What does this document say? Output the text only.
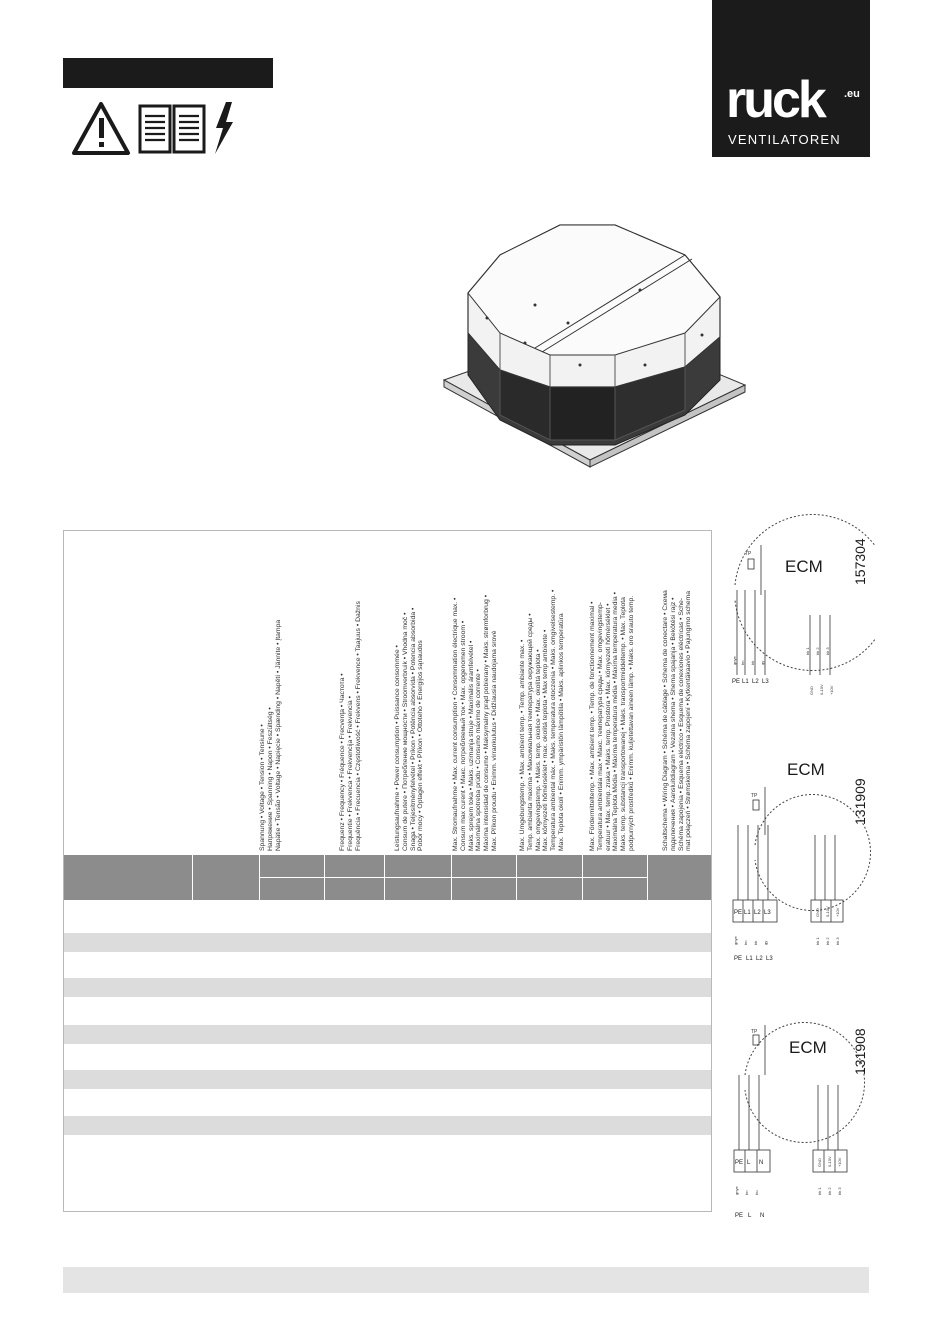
ruck .eu
VENTILATOREN
Spannung • Voltage • Tension • Tensiune • Напряжение • Spanning • Napon • Feszültség • Napätie • Tensão • Voltage • Napięcie • Spænding • Napětí • Jännite • Įtampa	Frequenz • Frequency • Fréquence • Frecvenţa • Частота • Frequentie • Frekvenca • Frekvencija • Frekvencia • Frequência • Frecuencia • Częstotliwość • Frekvens • Frekvence • Taajuus • Dažnis	Leistungsaufnahme • Power consumption • Puissance consommée • Consum de putere • Потребление мощности • Stroomverbruik • Vhodna moč • Snaga • Teljesítményfelvétel • Príkon • Potência absorvida • Potencia absorbida • Pobór mocy • Optagen effekt • Příkon • Ottoteho • Energijos sąnaudos	Max. Stromaufnahme • Max. current consumption • Consommation électrique max. • Consum max curent • Макс. потребляемый ток • Max. opgenomen stroom • Maks. sprejem toka • Maks. uzimanja struje • Maximális áramfelvétel • Maximálna spotreba prúdu • Consumo máximo de corrente • Máxima intensidad de consumo • Maksymalny prąd pobierany • Maks. strømforbrug • Max. Příkon proudu • Enimm. virrankulutus • Didžiausia naudojama srovė	Max. Umgebungstemp. • Max. ambient temp. • Temp. ambiante max. • Temp. ambianta maxima • Максимальная температура окружающей среды • Max. omgevingstemp. • Maks. temp. okolice • Max. okolitá teplota • Max. környezeti hőmérséklet • max. okolitá teplota • Max temp ambiente • Temperatura ambiental máx. • Maks. temperatura otoczenia • Maks. omgivelsestemp. • Max. Teplota okolí • Enimm. ympäristön lämpötila • Maks. aplinkos temperatūra	Max. Fördermitteltemp. • Max. ambient temp. • Temp. de fonctionnement maximal • Temperatura ambientala max • Макс. температура среды • Max. omgevingstemp- eratuur • Max. temp. zraka • Maks. temp. Prostora • Max. környezeti hőmérséklet • Maximálna Teplota Média • Máxima temperatura média • Máxima temperatura media • Maks. temp. substancji transportowanej • Maks. transportmiddeltemp. • Max. Teplota podpurných prostředků • Enimm. kuljetettavan aineen lämp. • Maks. oro srauto temp.	Schaltschema • Wiring Diagram • Schéma de câblage • Schema de conectare • Схема подключения • Aansluitdiagram • Vezalna shema • Shema spajanja • Bekötési rajz • Schéma zapojenia • Esquema eléctrico • Esquema de conexiones eléctricas • Sche- mat połączeń • Strømskema • Schéma zapojení • Kytkentäkaavio • Pajungimo schema
ECM
TP
PE L1 L2 L3
gnye bn bk gy
bk 1 bk 2 bk 3
GND 0-10V +10V
157304
ECM
TP
PE L1 L2 L3
gnye bn bk gy	bk 1 bk 2 bk 3
GND 0-10V +10V
PE L1 L2 L3
131909
ECM
TP
PE L N
gnye bn bu	bk 1 bk 2 bk 3
GND 0-10V +10V
PE L N
131908
